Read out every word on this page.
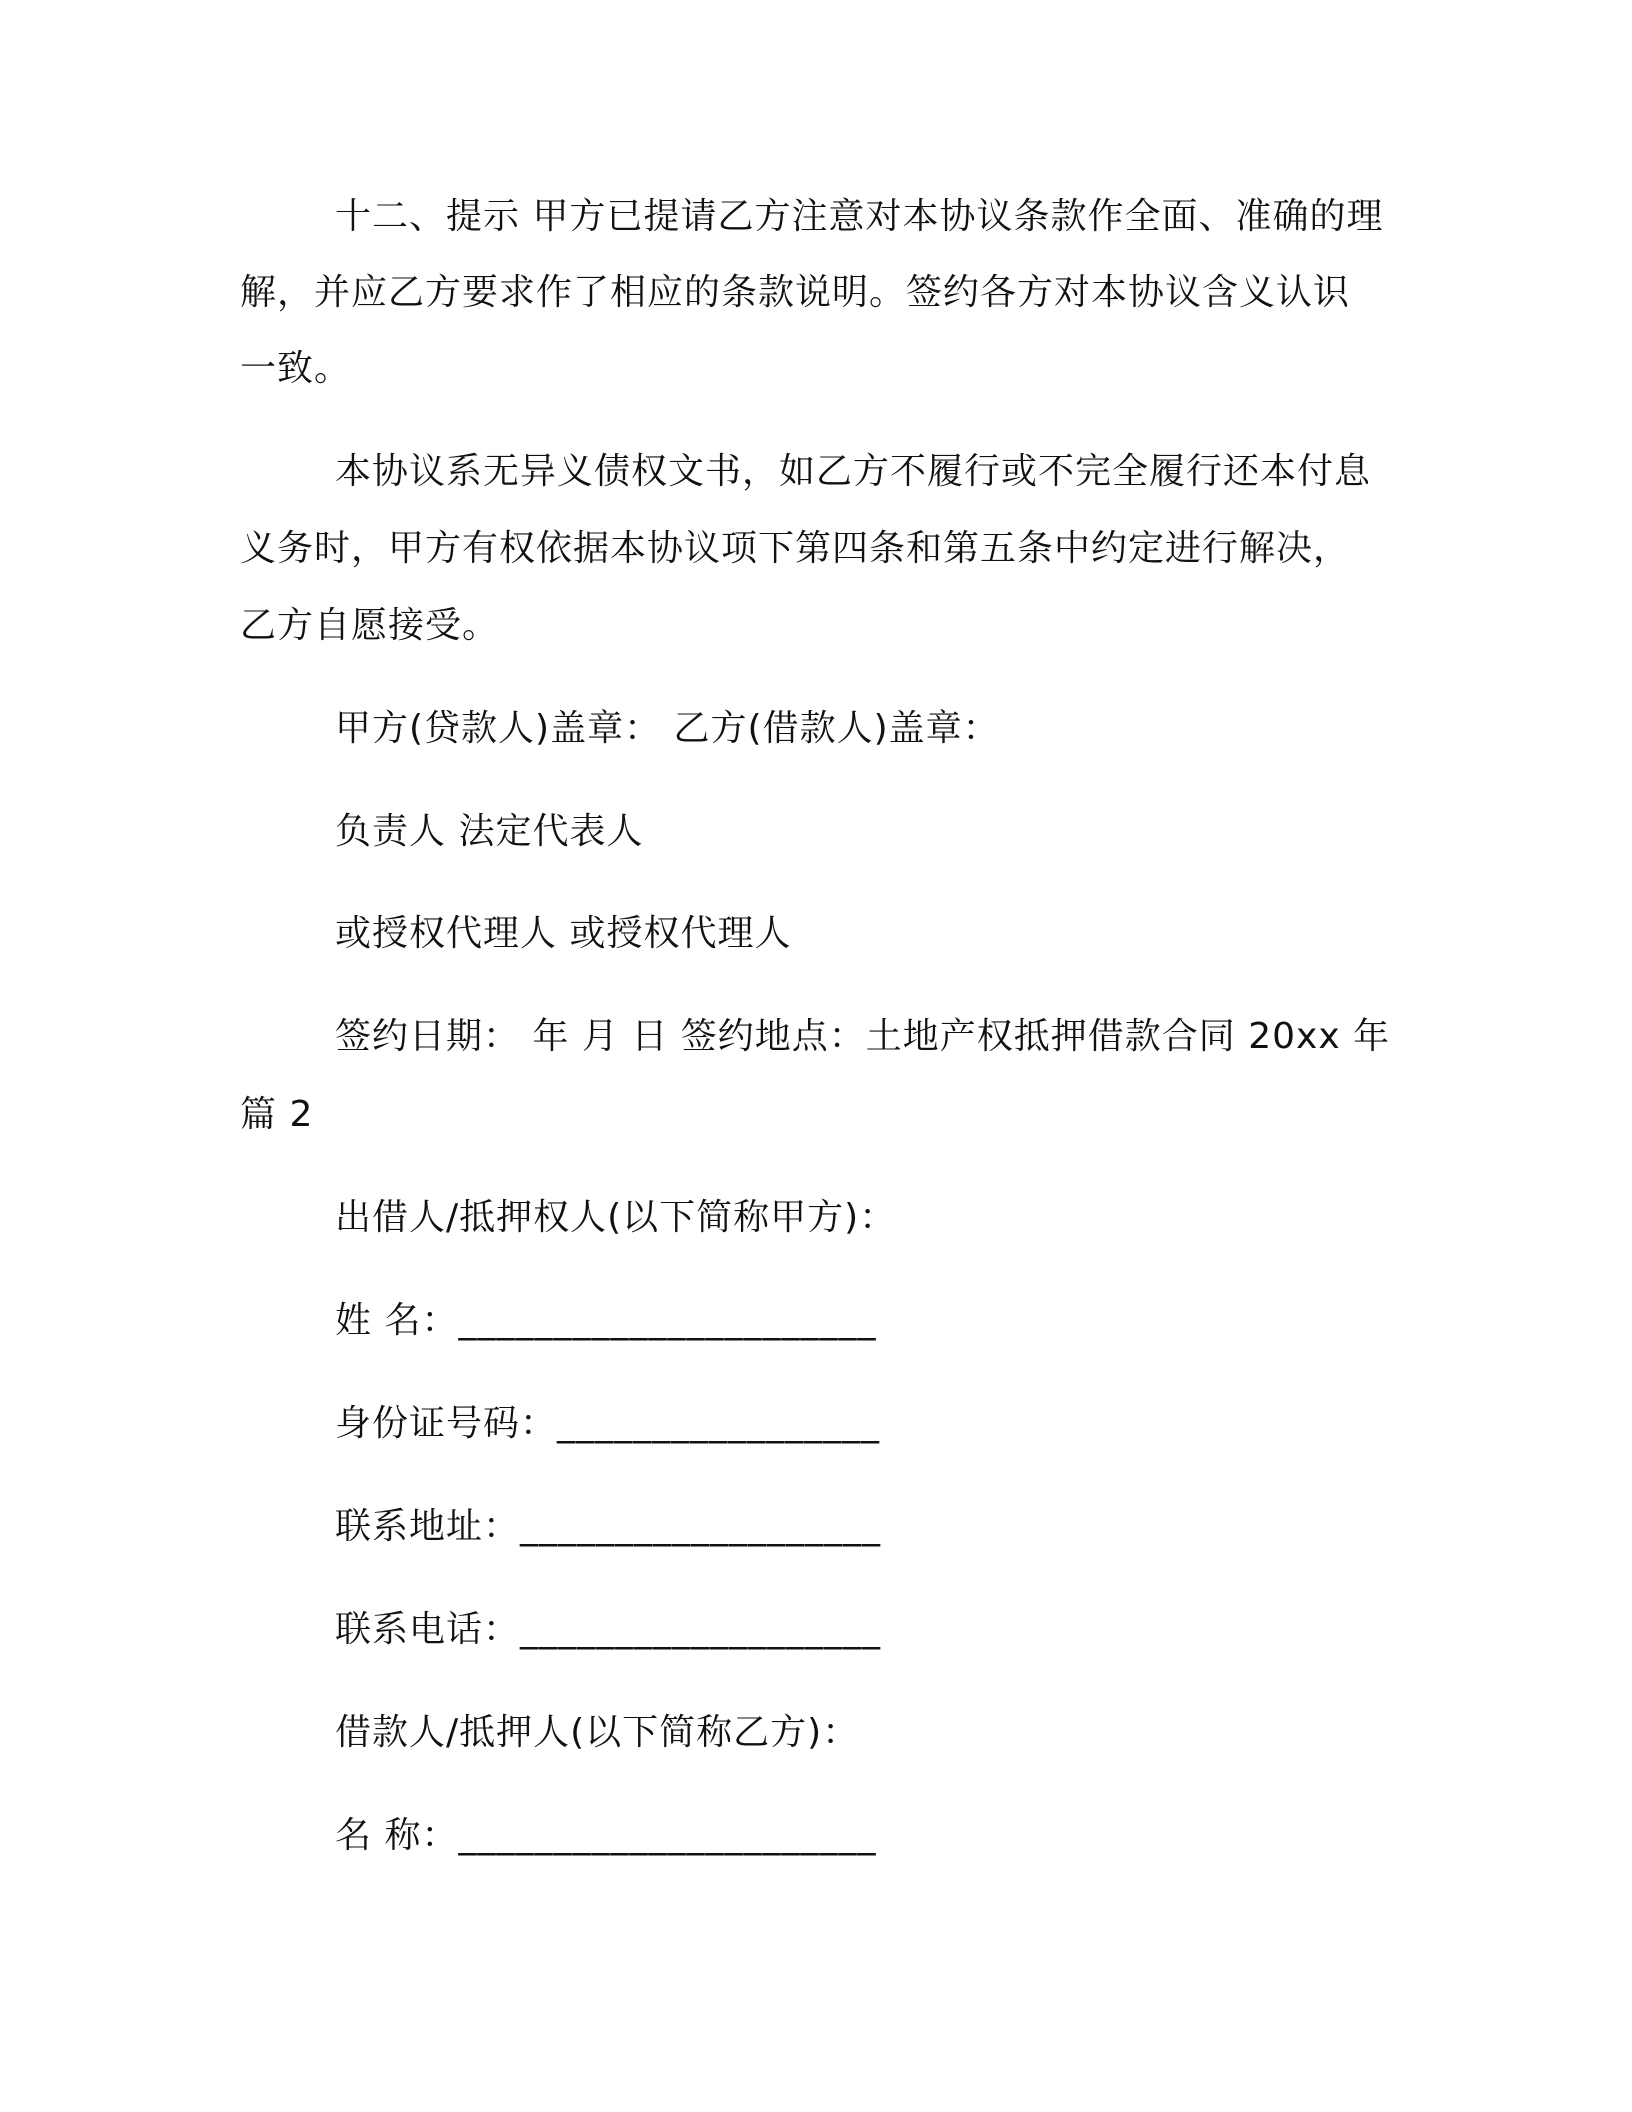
十二、提示 甲方已提请乙方注意对本协议条款作全面、准确的理
解，并应乙方要求作了相应的条款说明。签约各方对本协议含义认识
一致。
本协议系无异义债权文书，如乙方不履行或不完全履行还本付息
义务时，甲方有权依据本协议项下第四条和第五条中约定进行解决，
乙方自愿接受。
甲方(贷款人)盖章： 乙方(借款人)盖章：
负责人 法定代表人
或授权代理人 或授权代理人
签约日期： 年 月 日 签约地点：土地产权抵押借款合同 20xx 年
篇 2
出借人/抵押权人(以下简称甲方)：
姓 名：______________________
身份证号码：_________________
联系地址：___________________
联系电话：___________________
借款人/抵押人(以下简称乙方)：
名 称：______________________
